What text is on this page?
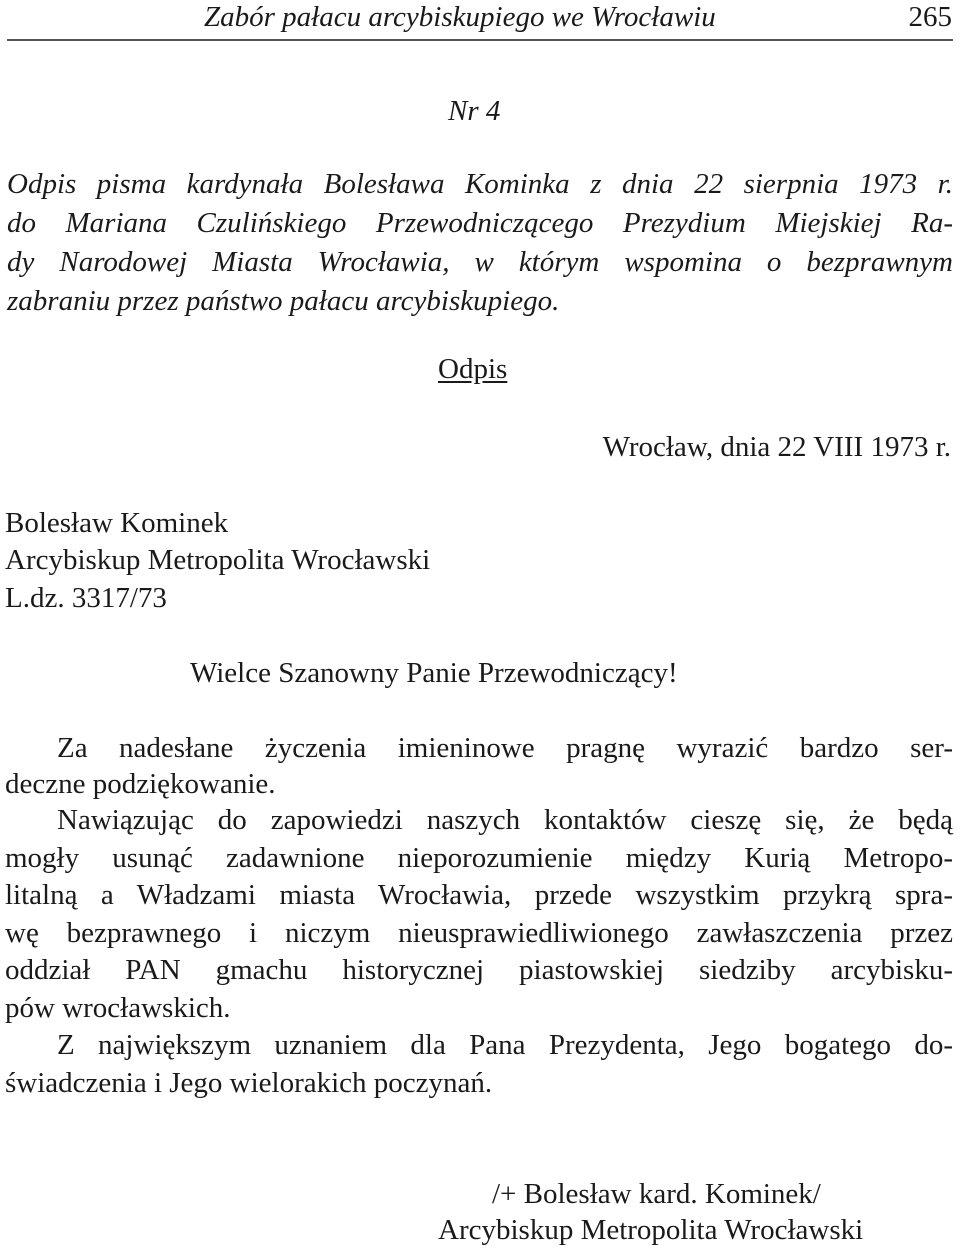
Zabór pałacu arcybiskupiego we Wrocławiu	265
Nr 4
Odpis pisma kardynała Bolesława Kominka z dnia 22 sierpnia 1973 r.
do Mariana Czulińskiego Przewodniczącego Prezydium Miejskiej Ra-
dy Narodowej Miasta Wrocławia, w którym wspomina o bezprawnym
zabraniu przez państwo pałacu arcybiskupiego.
Odpis
Wrocław, dnia 22 VIII 1973 r.
Bolesław Kominek
Arcybiskup Metropolita Wrocławski
L.dz. 3317/73
Wielce Szanowny Panie Przewodniczący!
Za nadesłane życzenia imieninowe pragnę wyrazić bardzo ser-
deczne podziękowanie.
Nawiązując do zapowiedzi naszych kontaktów cieszę się, że będą
mogły usunąć zadawnione nieporozumienie między Kurią Metropo-
litalną a Władzami miasta Wrocławia, przede wszystkim przykrą spra-
wę bezprawnego i niczym nieusprawiedliwionego zawłaszczenia przez
oddział PAN gmachu historycznej piastowskiej siedziby arcybisku-
pów wrocławskich.
Z największym uznaniem dla Pana Prezydenta, Jego bogatego do-
świadczenia i Jego wielorakich poczynań.
/+ Bolesław kard. Kominek/
Arcybiskup Metropolita Wrocławski
